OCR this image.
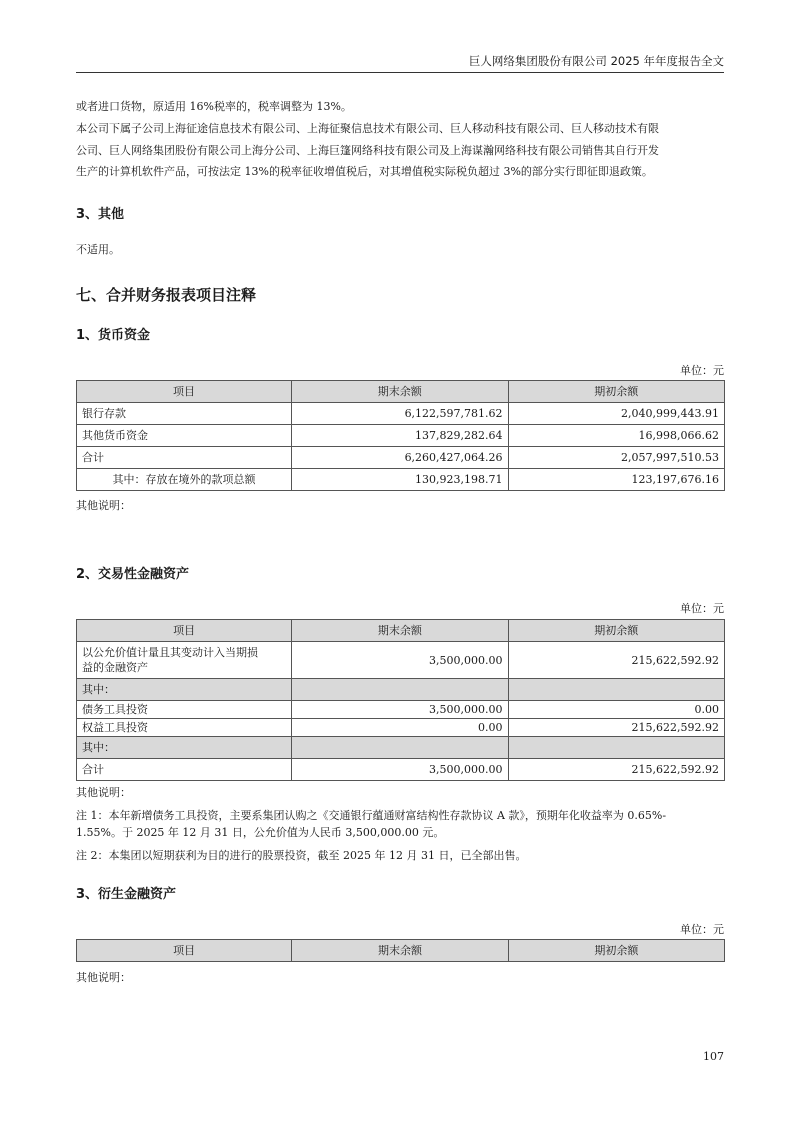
巨人网络集团股份有限公司 2025 年年度报告全文
或者进口货物，原适用 16%税率的，税率调整为 13%。
本公司下属子公司上海征途信息技术有限公司、上海征聚信息技术有限公司、巨人移动科技有限公司、巨人移动技术有限
公司、巨人网络集团股份有限公司上海分公司、上海巨篷网络科技有限公司及上海谋瀚网络科技有限公司销售其自行开发
生产的计算机软件产品，可按法定 13%的税率征收增值税后，对其增值税实际税负超过 3%的部分实行即征即退政策。
3、其他
不适用。
七、合并财务报表项目注释
1、货币资金
单位：元
项目	期末余额	期初余额
银行存款	6,122,597,781.62	2,040,999,443.91
其他货币资金	137,829,282.64	16,998,066.62
合计	6,260,427,064.26	2,057,997,510.53
其中：存放在境外的款项总额	130,923,198.71	123,197,676.16
其他说明：
2、交易性金融资产
单位：元
项目	期末余额	期初余额

以公允价值计量且其变动计入当期损
益的金融资产	3,500,000.00	215,622,592.92
其中：		
债务工具投资	3,500,000.00	0.00
权益工具投资	0.00	215,622,592.92
其中：		
合计	3,500,000.00	215,622,592.92
其他说明：
注 1：本年新增债务工具投资，主要系集团认购之《交通银行蕴通财富结构性存款协议 A 款》，预期年化收益率为 0.65%-
1.55%。于 2025 年 12 月 31 日，公允价值为人民币 3,500,000.00 元。
注 2：本集团以短期获利为目的进行的股票投资，截至 2025 年 12 月 31 日，已全部出售。
3、衍生金融资产
单位：元
项目	期末余额	期初余额
其他说明：
107
